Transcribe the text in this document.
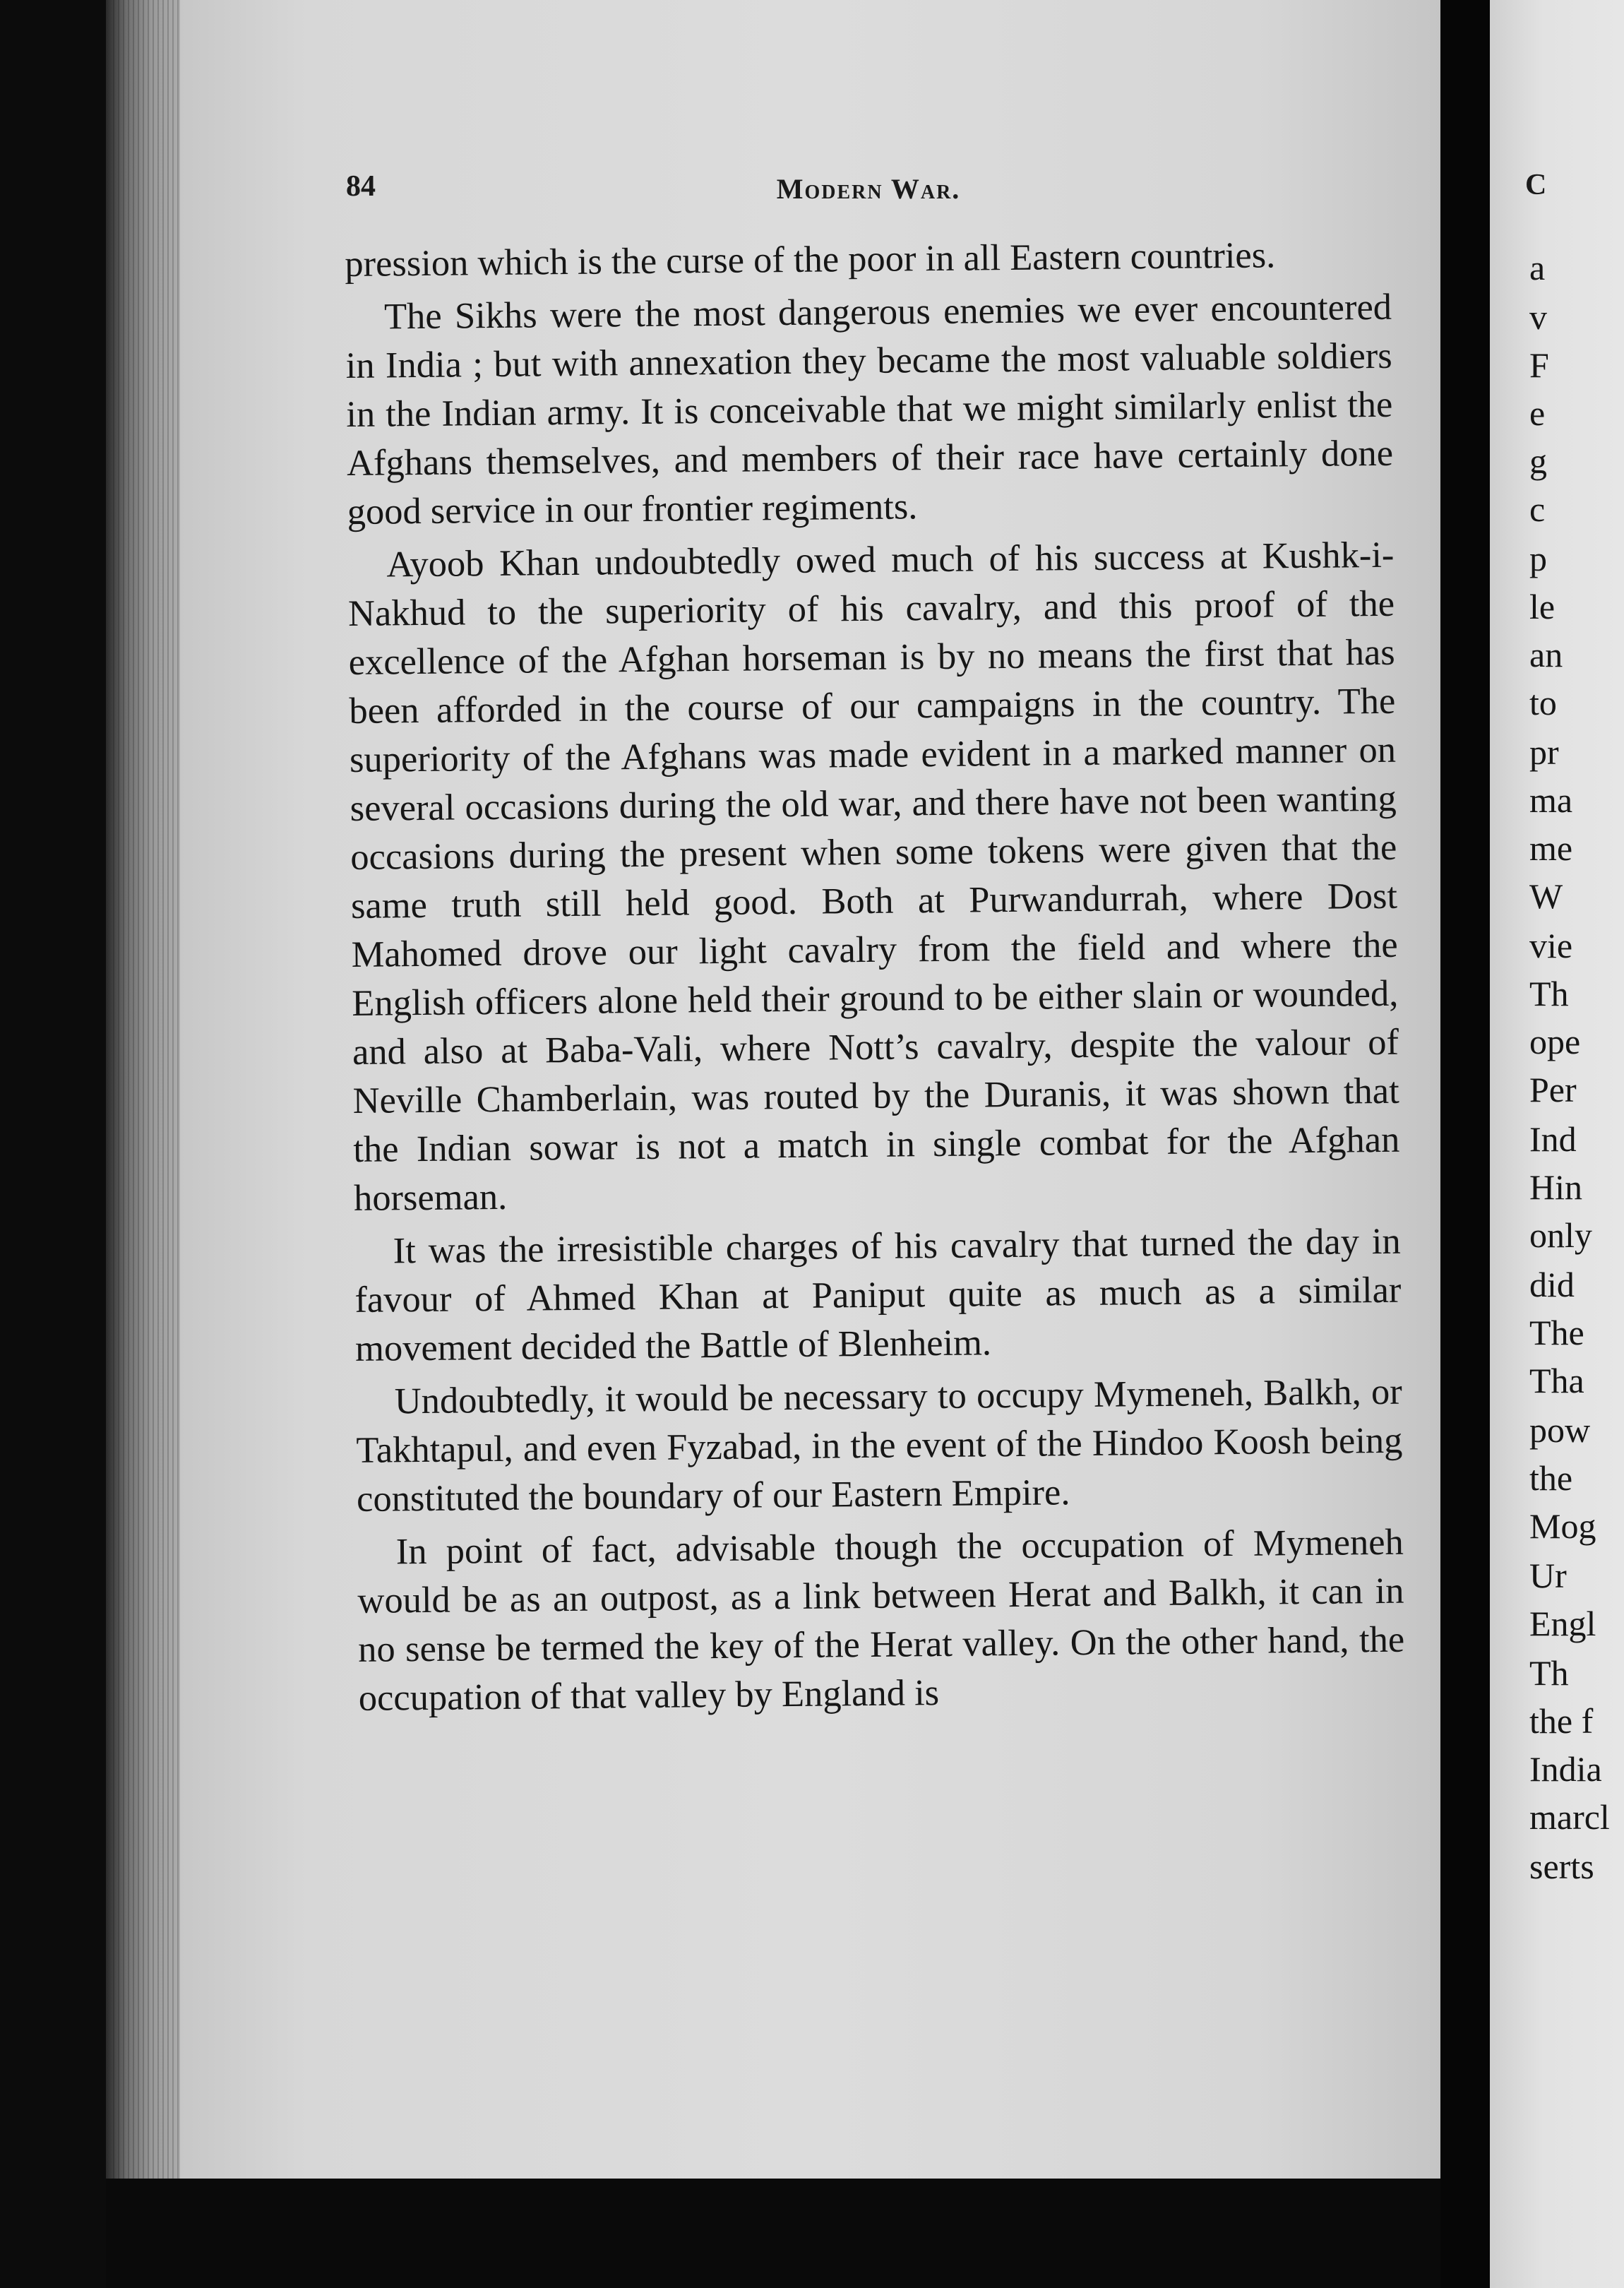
84	Modern War.

pression which is the curse of the poor in all Eastern countries.

The Sikhs were the most dangerous enemies we ever encountered in India ; but with annexation they became the most valuable soldiers in the Indian army. It is conceivable that we might similarly enlist the Afghans themselves, and members of their race have certainly done good service in our frontier regiments.

Ayoob Khan undoubtedly owed much of his success at Kushk-i-Nakhud to the superiority of his cavalry, and this proof of the excellence of the Afghan horseman is by no means the first that has been afforded in the course of our campaigns in the country. The superiority of the Afghans was made evident in a marked manner on several occasions during the old war, and there have not been wanting occasions during the present when some tokens were given that the same truth still held good. Both at Purwandurrah, where Dost Mahomed drove our light cavalry from the field and where the English officers alone held their ground to be either slain or wounded, and also at Baba-Vali, where Nott’s cavalry, despite the valour of Neville Chamberlain, was routed by the Duranis, it was shown that the Indian sowar is not a match in single combat for the Afghan horseman.

It was the irresistible charges of his cavalry that turned the day in favour of Ahmed Khan at Paniput quite as much as a similar movement decided the Battle of Blenheim.

Undoubtedly, it would be necessary to occupy Mymeneh, Balkh, or Takhtapul, and even Fyzabad, in the event of the Hindoo Koosh being constituted the boundary of our Eastern Empire.

In point of fact, advisable though the occupation of Mymeneh would be as an outpost, as a link between Herat and Balkh, it can in no sense be termed the key of the Herat valley. On the other hand, the occupation of that valley by England is

C
a
v
F
e
g
c
p
le
an
to
pr
ma
me
W
vie
Th
ope
Per
Ind
Hin
only
did
The
Tha
pow
the
Mog
Ur
Engl
Th
the f
India
marcl
serts
